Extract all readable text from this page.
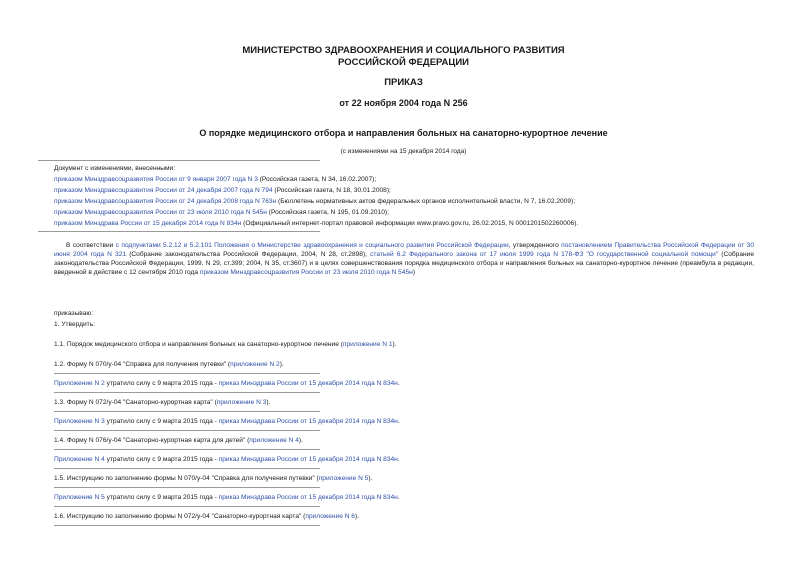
МИНИСТЕРСТВО ЗДРАВООХРАНЕНИЯ И СОЦИАЛЬНОГО РАЗВИТИЯ
РОССИЙСКОЙ ФЕДЕРАЦИИ
ПРИКАЗ
от 22 ноября 2004 года N 256
О порядке медицинского отбора и направления больных на санаторно-курортное лечение
(с изменениями на 15 декабря 2014 года)
Документ с изменениями, внесенными:
приказом Минздравсоцразвития России от 9 января 2007 года N 3 (Российская газета, N 34, 16.02.2007);
приказом Минздравсоцразвития России от 24 декабря 2007 года N 794 (Российская газета, N 18, 30.01.2008);
приказом Минздравсоцразвития России от 24 декабря 2008 года N 763н (Бюллетень нормативных актов федеральных органов исполнительной власти, N 7, 16.02.2009);
приказом Минздравсоцразвития России от 23 июля 2010 года N 545н (Российская газета, N 195, 01.09.2010);
приказом Минздрава России от 15 декабря 2014 года N 834н (Официальный интернет-портал правовой информации www.pravo.gov.ru, 26.02.2015, N 0001201502260006).
В соответствии с подпунктами 5.2.12 и 5.2.101 Положения о Министерстве здравоохранения и социального развития Российской Федерации, утвержденного постановлением Правительства Российской Федерации от 30 июня 2004 года N 321 (Собрание законодательства Российской Федерации, 2004, N 28, ст.2898), статьей 6.2 Федерального закона от 17 июля 1999 года N 178-ФЗ "О государственной социальной помощи" (Собрание законодательства Российской Федерации, 1999, N 29, ст.399; 2004, N 35, ст.3607) и в целях совершенствования порядка медицинского отбора и направления больных на санаторно-курортное лечение (преамбула в редакции, введенной в действие с 12 сентября 2010 года приказом Минздравсоцразвития России от 23 июля 2010 года N 545н)
приказываю:
1. Утвердить:
1.1. Порядок медицинского отбора и направления больных на санаторно-курортное лечение (приложение N 1).
1.2. Форму N 070/у-04 "Справка для получения путевки" (приложение N 2).
Приложение N 2 утратило силу с 9 марта 2015 года - приказ Минздрава России от 15 декабря 2014 года N 834н.
1.3. Форму N 072/у-04 "Санаторно-курортная карта" (приложение N 3).
Приложение N 3 утратило силу с 9 марта 2015 года - приказ Минздрава России от 15 декабря 2014 года N 834н.
1.4. Форму N 076/у-04 "Санаторно-курортная карта для детей" (приложение N 4).
Приложение N 4 утратило силу с 9 марта 2015 года - приказ Минздрава России от 15 декабря 2014 года N 834н.
1.5. Инструкцию по заполнению формы N 070/у-04 "Справка для получения путевки" (приложение N 5).
Приложение N 5 утратило силу с 9 марта 2015 года - приказ Минздрава России от 15 декабря 2014 года N 834н.
1.6. Инструкцию по заполнению формы N 072/у-04 "Санаторно-курортная карта" (приложение N 6).
